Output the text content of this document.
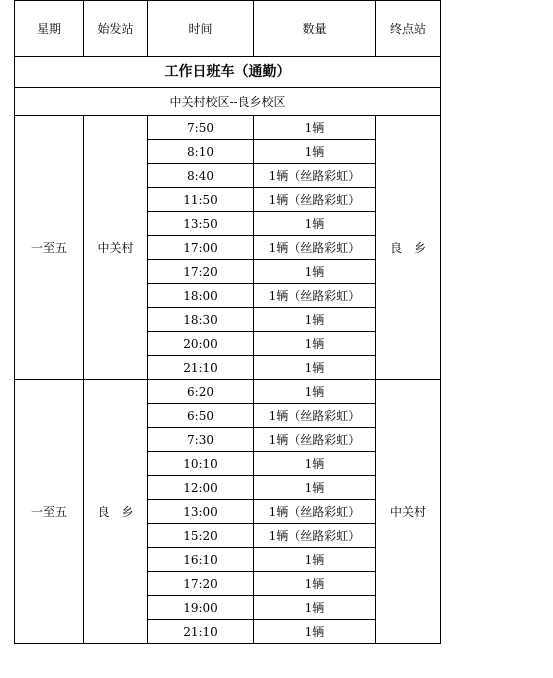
星期	始发站	时间	数量	终点站
工作日班车（通勤）				
中关村校区--良乡校区				
一至五	中关村	7:50	1辆	良　乡
		8:10	1辆	
		8:40	1辆（丝路彩虹）	
		11:50	1辆（丝路彩虹）	
		13:50	1辆	
		17:00	1辆（丝路彩虹）	
		17:20	1辆	
		18:00	1辆（丝路彩虹）	
		18:30	1辆	
		20:00	1辆	
		21:10	1辆	
一至五	良　乡	6:20	1辆	中关村
		6:50	1辆（丝路彩虹）	
		7:30	1辆（丝路彩虹）	
		10:10	1辆	
		12:00	1辆	
		13:00	1辆（丝路彩虹）	
		15:20	1辆（丝路彩虹）	
		16:10	1辆	
		17:20	1辆	
		19:00	1辆	
		21:10	1辆	
